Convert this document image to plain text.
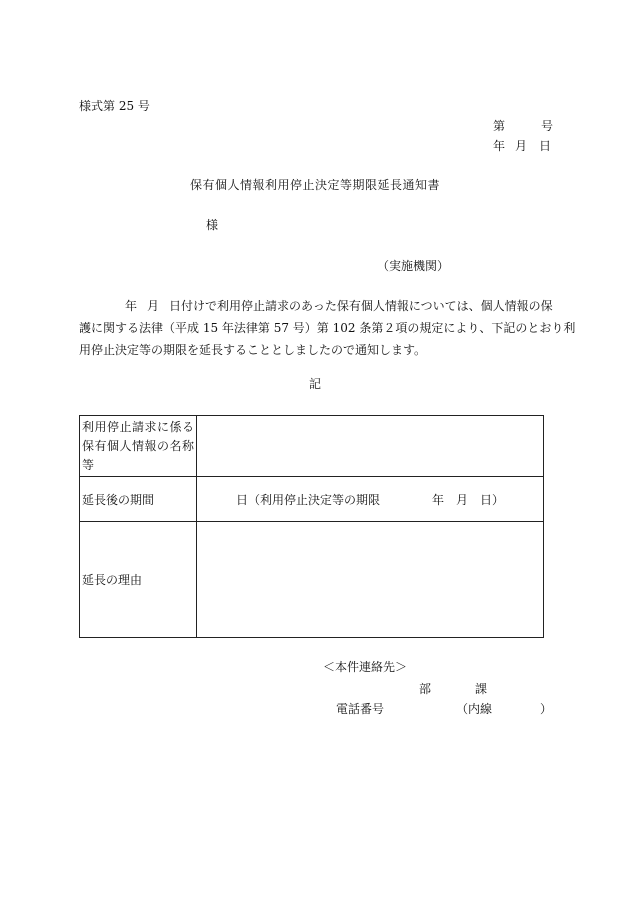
様式第 25 号
第	号
年 月 日
保有個人情報利用停止決定等期限延長通知書
様
（実施機関）
年 月 日付けで利用停止請求のあった保有個人情報については、個人情報の保
護に関する法律（平成 15 年法律第 57 号）第 102 条第２項の規定により、下記のとおり利
用停止決定等の期限を延長することとしましたので通知します。
記
利用停止請求に係る
保有個人情報の名称
等	

延長後の期間	日（利用停止決定等の期限 年 月 日）

延長の理由	
＜本件連絡先＞
部	課
電話番号	（内線	）
